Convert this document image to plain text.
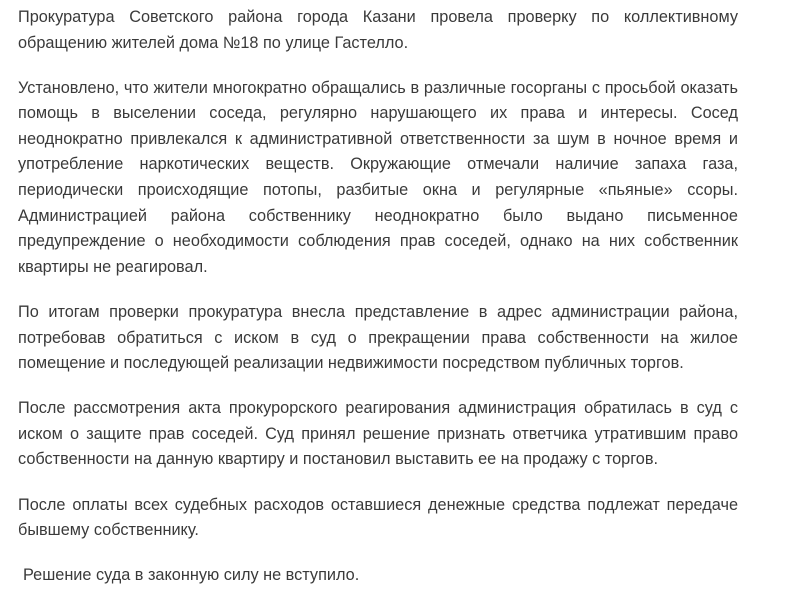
Прокуратура Советского района города Казани провела проверку по коллективному обращению жителей дома №18 по улице Гастелло.

Установлено, что жители многократно обращались в различные госорганы с просьбой оказать помощь в выселении соседа, регулярно нарушающего их права и интересы. Сосед неоднократно привлекался к административной ответственности за шум в ночное время и употребление наркотических веществ. Окружающие отмечали наличие запаха газа, периодически происходящие потопы, разбитые окна и регулярные «пьяные» ссоры. Администрацией района собственнику неоднократно было выдано письменное предупреждение о необходимости соблюдения прав соседей, однако на них собственник квартиры не реагировал.

По итогам проверки прокуратура внесла представление в адрес администрации района, потребовав обратиться с иском в суд о прекращении права собственности на жилое помещение и последующей реализации недвижимости посредством публичных торгов.

После рассмотрения акта прокурорского реагирования администрация обратилась в суд с иском о защите прав соседей. Суд принял решение признать ответчика утратившим право собственности на данную квартиру и постановил выставить ее на продажу с торгов.

После оплаты всех судебных расходов оставшиеся денежные средства подлежат передаче бывшему собственнику.

Решение суда в законную силу не вступило.
